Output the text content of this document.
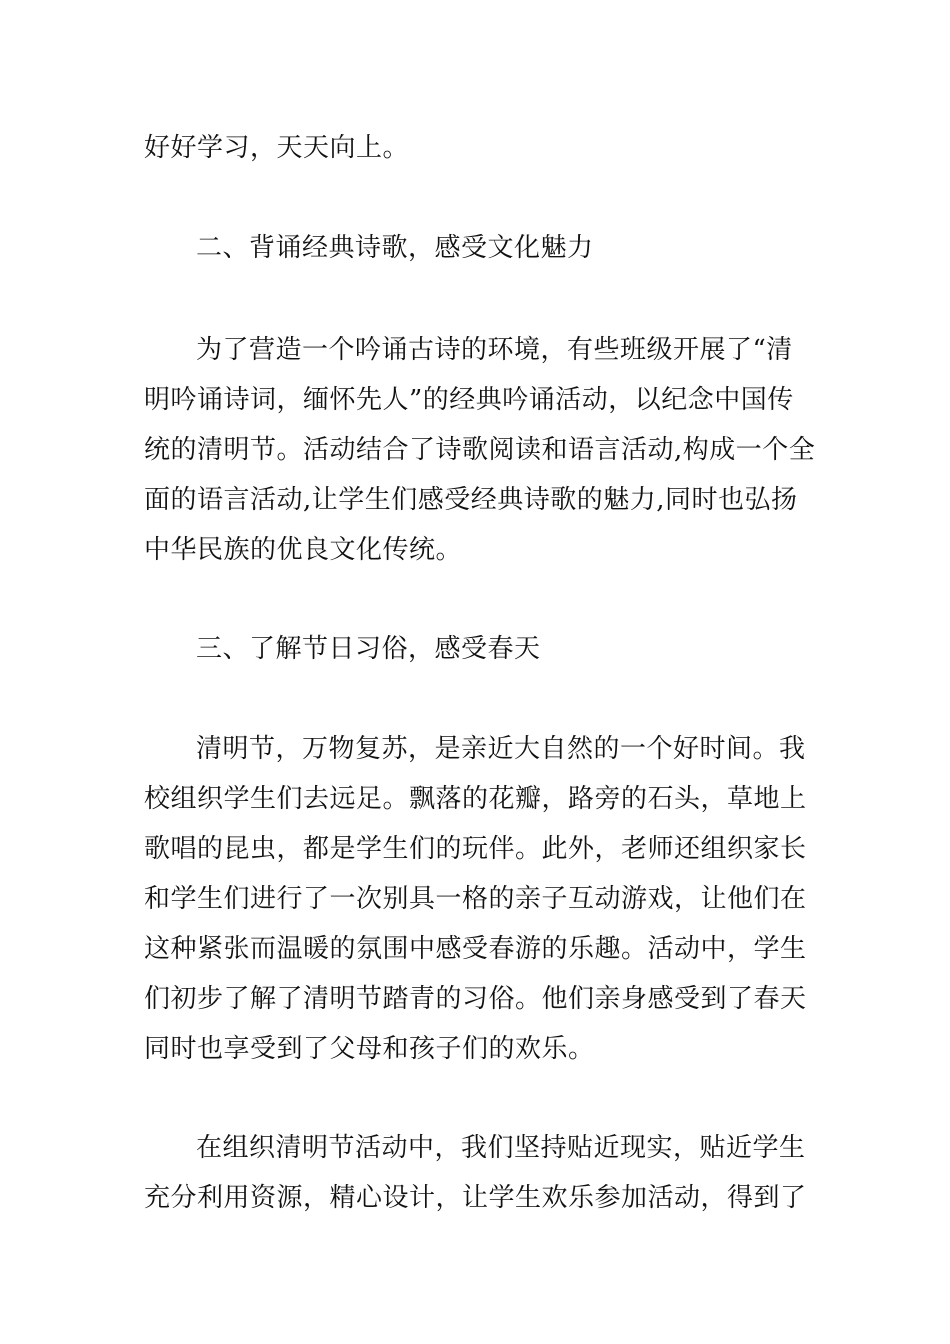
好好学习，天天向上。
二、背诵经典诗歌，感受文化魅力
为了营造一个吟诵古诗的环境，有些班级开展了“清
明吟诵诗词，缅怀先人”的经典吟诵活动，以纪念中国传
统的清明节。活动结合了诗歌阅读和语言活动,构成一个全
面的语言活动,让学生们感受经典诗歌的魅力,同时也弘扬
中华民族的优良文化传统。
三、了解节日习俗，感受春天
清明节，万物复苏，是亲近大自然的一个好时间。我
校组织学生们去远足。飘落的花瓣，路旁的石头，草地上
歌唱的昆虫，都是学生们的玩伴。此外，老师还组织家长
和学生们进行了一次别具一格的亲子互动游戏，让他们在
这种紧张而温暖的氛围中感受春游的乐趣。活动中，学生
们初步了解了清明节踏青的习俗。他们亲身感受到了春天
同时也享受到了父母和孩子们的欢乐。
在组织清明节活动中，我们坚持贴近现实，贴近学生
充分利用资源，精心设计，让学生欢乐参加活动，得到了
